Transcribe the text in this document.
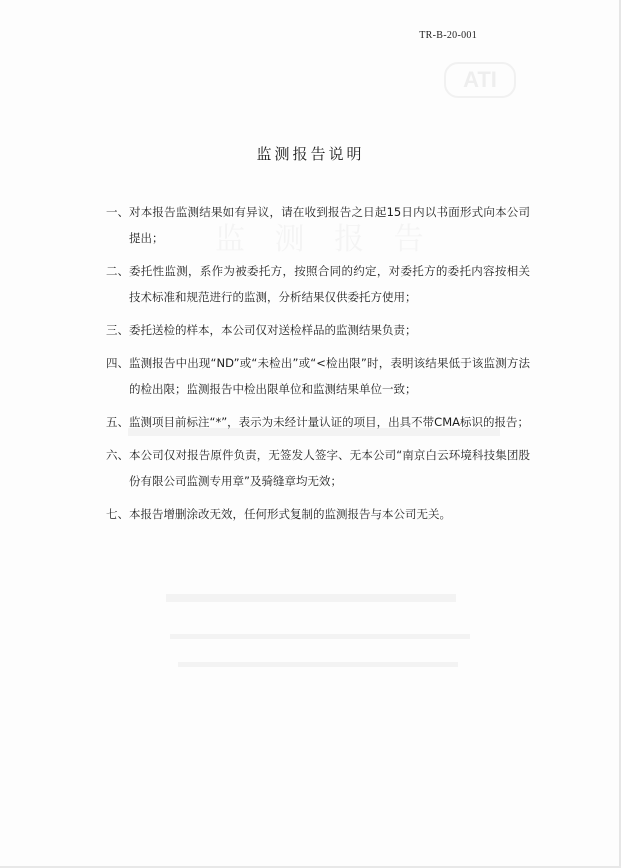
ATI
监 测 报 告
TR-B-20-001
监测报告说明
一、 对本报告监测结果如有异议，请在收到报告之日起15日内以书面形式向本公司提出；
二、 委托性监测，系作为被委托方，按照合同的约定，对委托方的委托内容按相关技术标准和规范进行的监测，分析结果仅供委托方使用；
三、 委托送检的样本，本公司仅对送检样品的监测结果负责；
四、 监测报告中出现“ND”或“未检出”或“<检出限”时，表明该结果低于该监测方法的检出限；监测报告中检出限单位和监测结果单位一致；
五、 监测项目前标注“*”，表示为未经计量认证的项目，出具不带CMA标识的报告；
六、 本公司仅对报告原件负责，无签发人签字、无本公司“南京白云环境科技集团股份有限公司监测专用章”及骑缝章均无效；
七、 本报告增删涂改无效，任何形式复制的监测报告与本公司无关。
